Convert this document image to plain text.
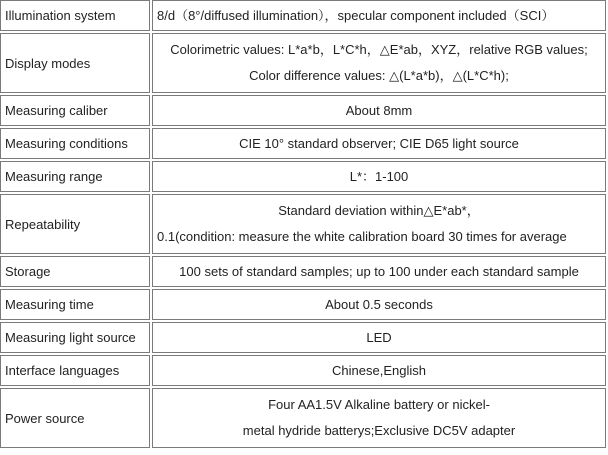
Illumination system	8/d（8°/diffused illumination），specular component included（SCI）

Display modes	Colorimetric values: L*a*b，L*C*h，△E*ab，XYZ，relative RGB values;
Color difference values: △(L*a*b)，△(L*C*h);

Measuring caliber	About 8mm

Measuring conditions	CIE 10° standard observer; CIE D65 light source

Measuring range	L*：1-100

Repeatability	Standard deviation within△E*ab*，
0.1(condition: measure the white calibration board 30 times for average

Storage	100 sets of standard samples; up to 100 under each standard sample

Measuring time	About 0.5 seconds

Measuring light source	LED

Interface languages	Chinese,English

Power source	Four AA1.5V Alkaline battery or nickel-
metal hydride batterys;Exclusive DC5V adapter
